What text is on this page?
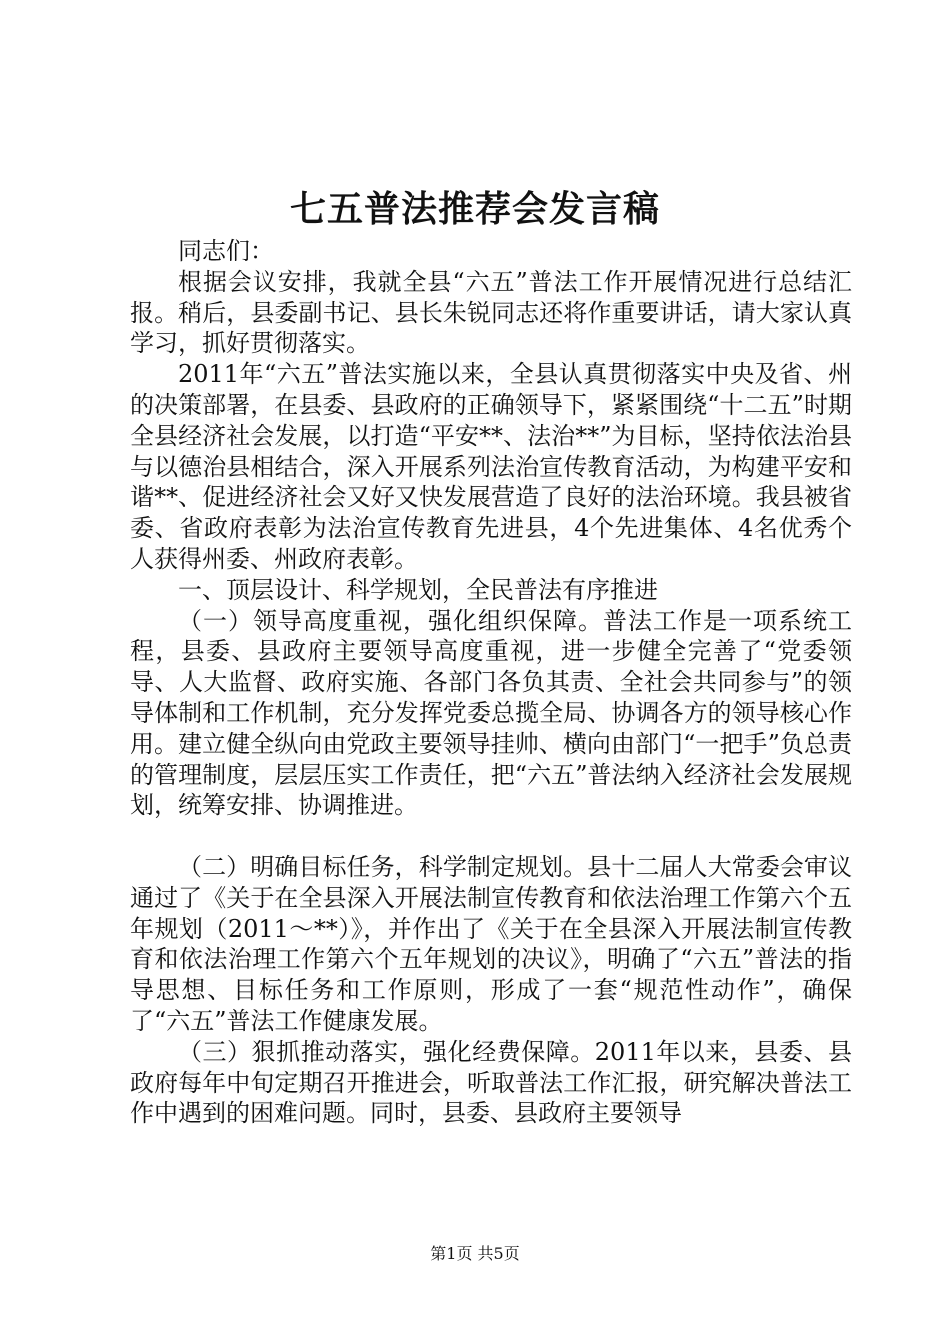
七五普法推荐会发言稿

同志们：

根据会议安排，我就全县“六五”普法工作开展情况进行总结汇报。稍后，县委副书记、县长朱锐同志还将作重要讲话，请大家认真学习，抓好贯彻落实。

2011年“六五”普法实施以来，全县认真贯彻落实中央及省、州的决策部署，在县委、县政府的正确领导下，紧紧围绕“十二五”时期全县经济社会发展，以打造“平安**、法治**”为目标，坚持依法治县与以德治县相结合，深入开展系列法治宣传教育活动，为构建平安和谐**、促进经济社会又好又快发展营造了良好的法治环境。我县被省委、省政府表彰为法治宣传教育先进县，4个先进集体、4名优秀个人获得州委、州政府表彰。

一、顶层设计、科学规划，全民普法有序推进

（一）领导高度重视，强化组织保障。普法工作是一项系统工程，县委、县政府主要领导高度重视，进一步健全完善了“党委领导、人大监督、政府实施、各部门各负其责、全社会共同参与”的领导体制和工作机制，充分发挥党委总揽全局、协调各方的领导核心作用。建立健全纵向由党政主要领导挂帅、横向由部门“一把手”负总责的管理制度，层层压实工作责任，把“六五”普法纳入经济社会发展规划，统筹安排、协调推进。

（二）明确目标任务，科学制定规划。县十二届人大常委会审议通过了《关于在全县深入开展法制宣传教育和依法治理工作第六个五年规划（2011～**）》，并作出了《关于在全县深入开展法制宣传教育和依法治理工作第六个五年规划的决议》，明确了“六五”普法的指导思想、目标任务和工作原则，形成了一套“规范性动作”，确保了“六五”普法工作健康发展。

（三）狠抓推动落实，强化经费保障。2011年以来，县委、县政府每年中旬定期召开推进会，听取普法工作汇报，研究解决普法工作中遇到的困难问题。同时，县委、县政府主要领导

第1页 共5页
